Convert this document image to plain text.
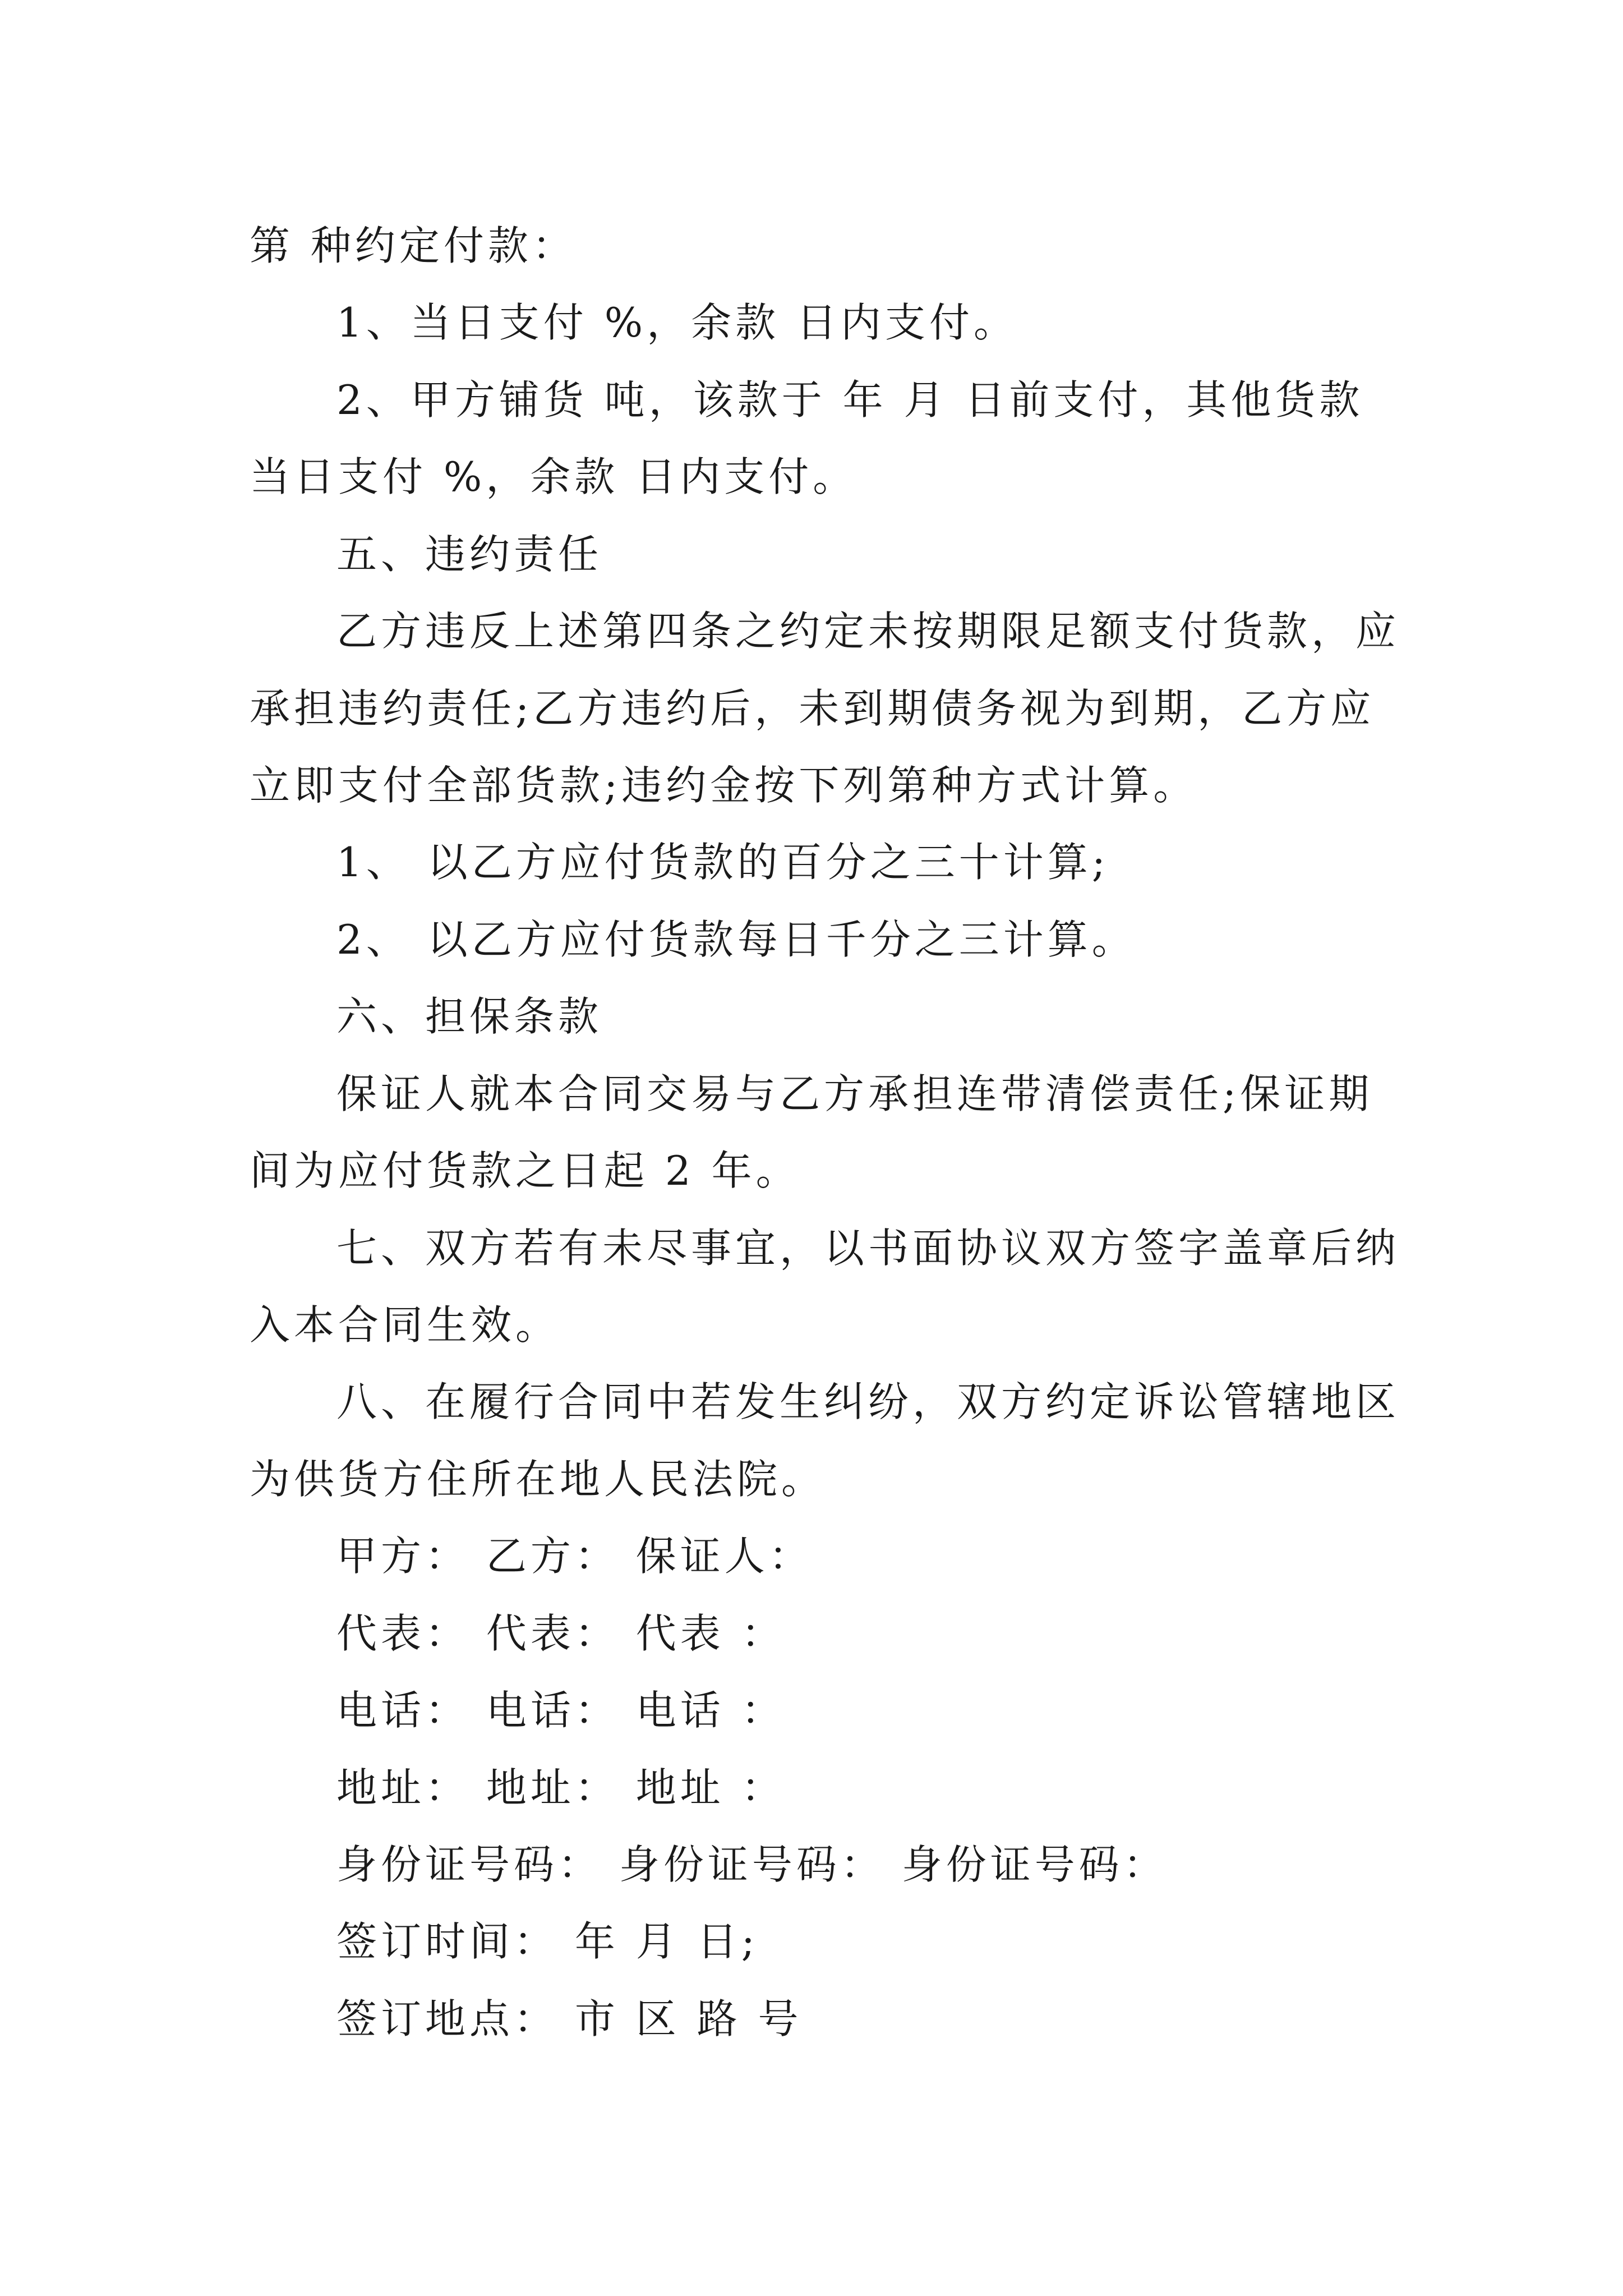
第 种约定付款：
1、当日支付 %，余款 日内支付。
2、甲方铺货 吨，该款于 年 月 日前支付，其他货款
当日支付 %，余款 日内支付。
五、违约责任
乙方违反上述第四条之约定未按期限足额支付货款，应
承担违约责任;乙方违约后，未到期债务视为到期，乙方应
立即支付全部货款;违约金按下列第种方式计算。
1、 以乙方应付货款的百分之三十计算;
2、 以乙方应付货款每日千分之三计算。
六、担保条款
保证人就本合同交易与乙方承担连带清偿责任;保证期
间为应付货款之日起 2 年。
七、双方若有未尽事宜，以书面协议双方签字盖章后纳
入本合同生效。
八、在履行合同中若发生纠纷，双方约定诉讼管辖地区
为供货方住所在地人民法院。
甲方： 乙方： 保证人：
代表： 代表： 代表 ：
电话： 电话： 电话 ：
地址： 地址： 地址 ：
身份证号码： 身份证号码： 身份证号码：
签订时间： 年 月 日;
签订地点： 市 区 路 号
